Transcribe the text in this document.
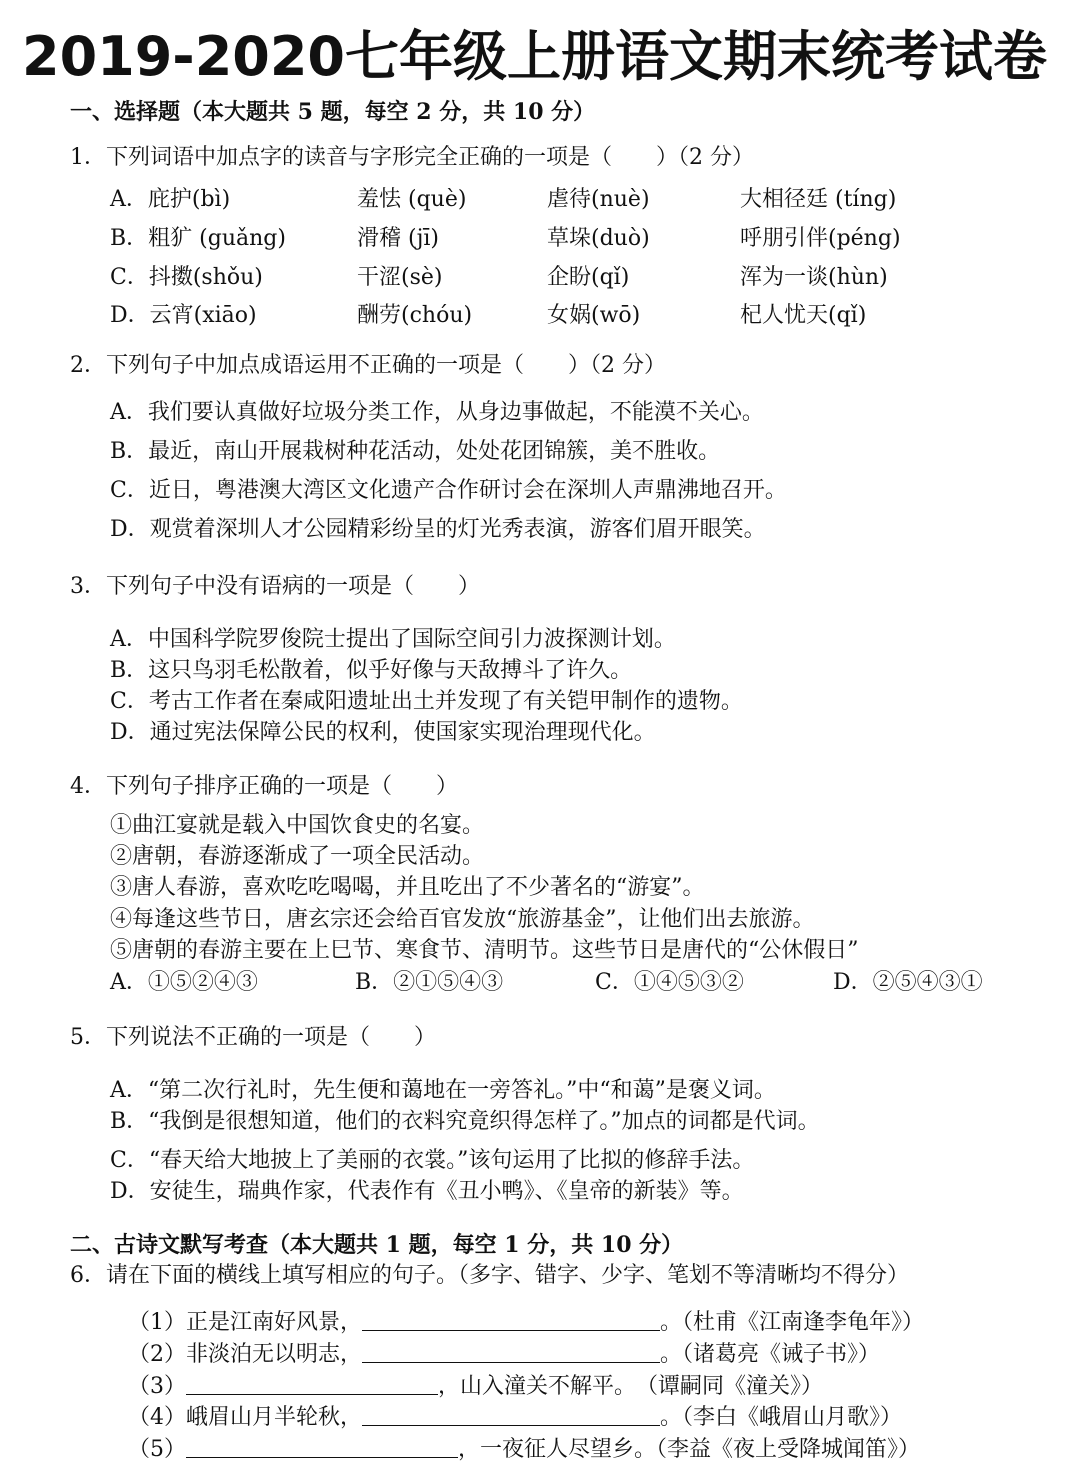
2019-2020七年级上册语文期末统考试卷
一、选择题（本大题共 5 题，每空 2 分，共 10 分）
1．下列词语中加点字的读音与字形完全正确的一项是（　　）（2 分）
A．庇护(bì)	羞怯 (què)	虐待(nuè)	大相径廷 (tíng)
B．粗犷 (guǎng)	滑稽 (jī)	草垛(duò)	呼朋引伴(péng)
C．抖擞(shǒu)	干涩(sè)	企盼(qǐ)	浑为一谈(hùn)
D．云宵(xiāo)	酬劳(chóu)	女娲(wō)	杞人忧天(qǐ)
2．下列句子中加点成语运用不正确的一项是（　　）（2 分）
A．我们要认真做好垃圾分类工作，从身边事做起，不能漠不关心。
B．最近，南山开展栽树种花活动，处处花团锦簇，美不胜收。
C．近日，粤港澳大湾区文化遗产合作研讨会在深圳人声鼎沸地召开。
D．观赏着深圳人才公园精彩纷呈的灯光秀表演，游客们眉开眼笑。
3．下列句子中没有语病的一项是（　　）
A．中国科学院罗俊院士提出了国际空间引力波探测计划。
B．这只鸟羽毛松散着，似乎好像与天敌搏斗了许久。
C．考古工作者在秦咸阳遗址出土并发现了有关铠甲制作的遗物。
D．通过宪法保障公民的权利，使国家实现治理现代化。
4．下列句子排序正确的一项是（　　）
①曲江宴就是载入中国饮食史的名宴。
②唐朝，春游逐渐成了一项全民活动。
③唐人春游，喜欢吃吃喝喝，并且吃出了不少著名的“游宴”。
④每逢这些节日，唐玄宗还会给百官发放“旅游基金”，让他们出去旅游。
⑤唐朝的春游主要在上巳节、寒食节、清明节。这些节日是唐代的“公休假日”
A．①⑤②④③	B．②①⑤④③	C．①④⑤③②	D．②⑤④③①
5．下列说法不正确的一项是（　　）
A．“第二次行礼时，先生便和蔼地在一旁答礼。”中“和蔼”是褒义词。
B．“我倒是很想知道，他们的衣料究竟织得怎样了。”加点的词都是代词。
C．“春天给大地披上了美丽的衣裳。”该句运用了比拟的修辞手法。
D．安徒生，瑞典作家，代表作有《丑小鸭》、《皇帝的新装》等。
二、古诗文默写考查（本大题共 1 题，每空 1 分，共 10 分）
6．请在下面的横线上填写相应的句子。（多字、错字、少字、笔划不等清晰均不得分）
（1）正是江南好风景，	。（杜甫《江南逢李龟年》）
（2）非淡泊无以明志，	。（诸葛亮《诫子书》）
（3）	，山入潼关不解平。　（谭嗣同《潼关》）
（4）峨眉山月半轮秋，	。（李白《峨眉山月歌》）
（5）	，一夜征人尽望乡。（李益《夜上受降城闻笛》）
